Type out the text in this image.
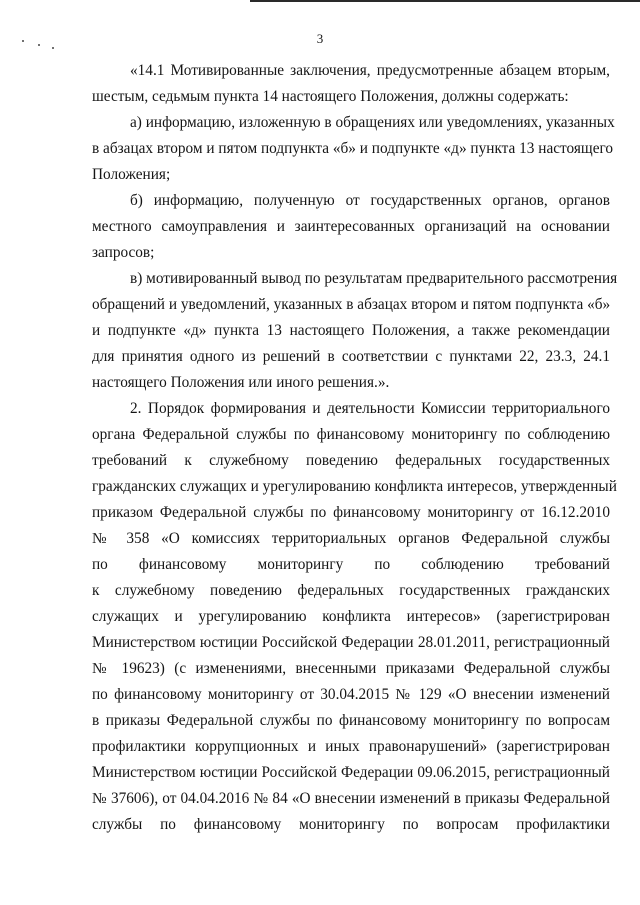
3

«14.1 Мотивированные заключения, предусмотренные абзацем вторым,
шестым, седьмым пункта 14 настоящего Положения, должны содержать:

а) информацию, изложенную в обращениях или уведомлениях, указанных
в абзацах втором и пятом подпункта «б» и подпункте «д» пункта 13 настоящего
Положения;

б) информацию, полученную от государственных органов, органов
местного самоуправления и заинтересованных организаций на основании
запросов;

в) мотивированный вывод по результатам предварительного рассмотрения
обращений и уведомлений, указанных в абзацах втором и пятом подпункта «б»
и подпункте «д» пункта 13 настоящего Положения, а также рекомендации
для принятия одного из решений в соответствии с пунктами 22, 23.3, 24.1
настоящего Положения или иного решения.».

2. Порядок формирования и деятельности Комиссии территориального
органа Федеральной службы по финансовому мониторингу по соблюдению
требований к служебному поведению федеральных государственных
гражданских служащих и урегулированию конфликта интересов, утвержденный
приказом Федеральной службы по финансовому мониторингу от 16.12.2010
№ 358 «О комиссиях территориальных органов Федеральной службы
по финансовому мониторингу по соблюдению требований
к служебному поведению федеральных государственных гражданских
служащих и урегулированию конфликта интересов» (зарегистрирован
Министерством юстиции Российской Федерации 28.01.2011, регистрационный
№ 19623) (с изменениями, внесенными приказами Федеральной службы
по финансовому мониторингу от 30.04.2015 № 129 «О внесении изменений
в приказы Федеральной службы по финансовому мониторингу по вопросам
профилактики коррупционных и иных правонарушений» (зарегистрирован
Министерством юстиции Российской Федерации 09.06.2015, регистрационный
№ 37606), от 04.04.2016 № 84 «О внесении изменений в приказы Федеральной
службы по финансовому мониторингу по вопросам профилактики
